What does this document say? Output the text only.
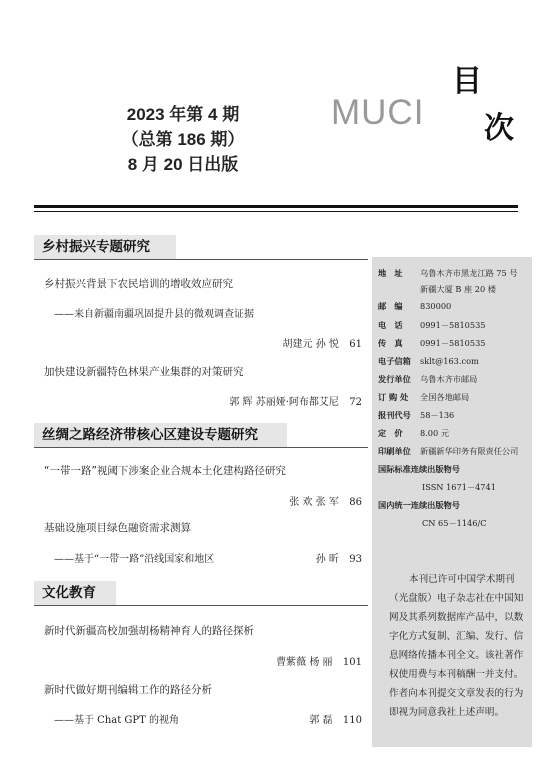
2023 年第 4 期
（总第 186 期）
8 月 20 日出版
MUCI
目
次
乡村振兴专题研究
乡村振兴背景下农民培训的增收效应研究
——来自新疆南疆巩固提升县的微观调查证据
胡建元 孙 悦 61
加快建设新疆特色林果产业集群的对策研究
郭 辉 苏丽娅·阿布都艾尼 72
丝绸之路经济带核心区建设专题研究
“一带一路”视阈下涉案企业合规本土化建构路径研究
张 欢 张 军 86
基础设施项目绿色融资需求测算
——基于“一带一路”沿线国家和地区	孙 昕 93
文化教育
新时代新疆高校加强胡杨精神育人的路径探析
曹紫薇 杨 丽 101
新时代做好期刊编辑工作的路径分析
——基于 Chat GPT 的视角	郭 磊 110
地　址 乌鲁木齐市黑龙江路 75 号
新疆大厦 B 座 20 楼
邮　编 830000
电　话 0991－5810535
传　真 0991－5810535
电子信箱 sklt@163.com
发行单位 乌鲁木齐市邮局
订 购 处 全国各地邮局
报刊代号 58－136
定　价 8.00 元
印刷单位 新疆新华印务有限责任公司
国际标准连续出版物号
ISSN 1671－4741
国内统一连续出版物号
CN 65－1146/C
本刊已许可中国学术期刊（光盘版）电子杂志社在中国知网及其系列数据库产品中，以数字化方式复制、汇编、发行、信息网络传播本刊全文。该社著作权使用费与本刊稿酬一并支付。作者向本刊提交文章发表的行为即视为同意我社上述声明。
